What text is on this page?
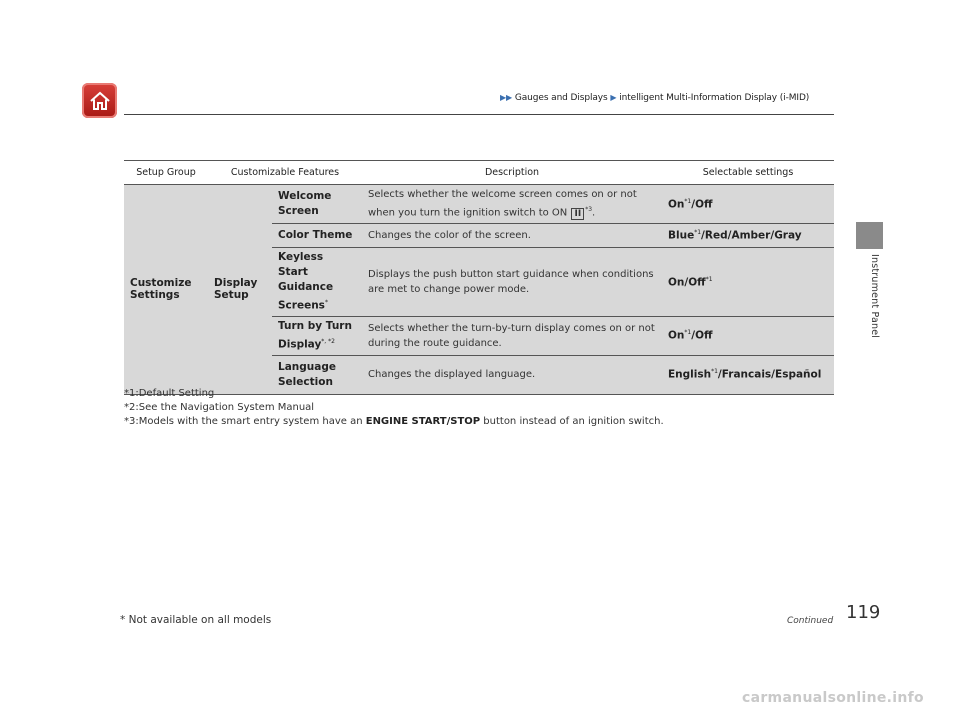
▶▶ Gauges and Displays ▶ intelligent Multi-Information Display (i-MID)
Instrument Panel
Setup Group	Customizable Features		Description	Selectable settings
Customize Settings	Display Setup	Welcome Screen	Selects whether the welcome screen comes on or not when you turn the ignition switch to ON II $^{*3}$.	On$^{*1}$/Off
		Color Theme	Changes the color of the screen.	Blue$^{*1}$/Red/Amber/Gray
		Keyless Start Guidance Screens*	Displays the push button start guidance when conditions are met to change power mode.	On/Off$^{*1}$
		Turn by Turn Display$^{*, *2}$	Selects whether the turn-by-turn display comes on or not during the route guidance.	On$^{*1}$/Off
		Language Selection	Changes the displayed language.	English$^{*1}$/Francais/Español
*1:Default Setting
*2:See the Navigation System Manual
*3:Models with the smart entry system have an ENGINE START/STOP button instead of an ignition switch.
* Not available on all models	Continued 119
carmanualsonline.info
